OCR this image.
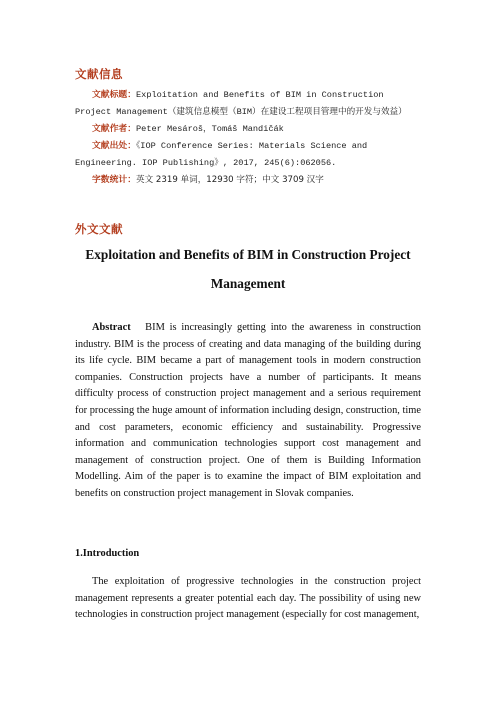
文献信息

文献标题：Exploitation and Benefits of BIM in Construction Project Management（建筑信息模型（BIM）在建设工程项目管理中的开发与效益）

文献作者：Peter Mesároš，Tomáš Mandičák

文献出处：《IOP Conference Series: Materials Science and Engineering. IOP Publishing》, 2017, 245(6):062056.

字数统计：英文 2319 单词，12930 字符；中文 3709 汉字

外文文献
Exploitation and Benefits of BIM in Construction Project
Management

Abstract BIM is increasingly getting into the awareness in construction industry. BIM is the process of creating and data managing of the building during its life cycle. BIM became a part of management tools in modern construction companies. Construction projects have a number of participants. It means difficulty process of construction project management and a serious requirement for processing the huge amount of information including design, construction, time and cost parameters, economic efficiency and sustainability. Progressive information and communication technologies support cost management and management of construction project. One of them is Building Information Modelling. Aim of the paper is to examine the impact of BIM exploitation and benefits on construction project management in Slovak companies.

1.Introduction

The exploitation of progressive technologies in the construction project management represents a greater potential each day. The possibility of using new technologies in construction project management (especially for cost management,
